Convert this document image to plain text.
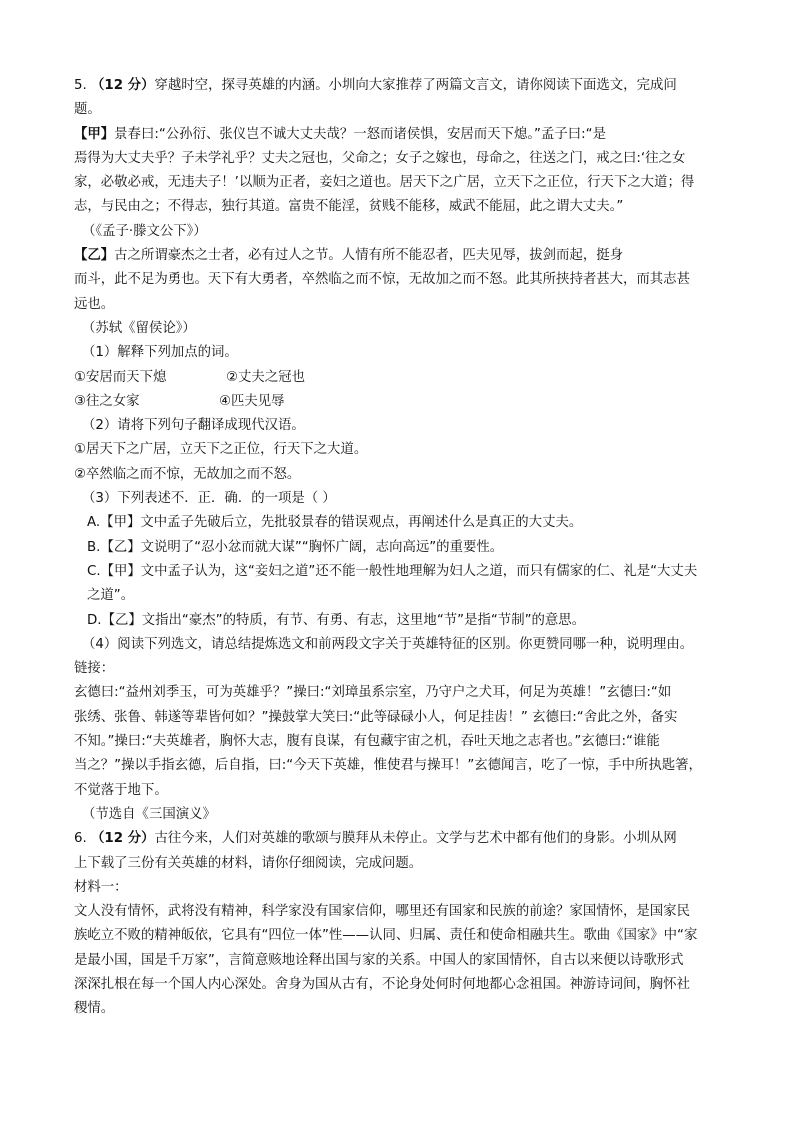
5. （12 分）穿越时空，探寻英雄的内涵。小圳向大家推荐了两篇文言文，请你阅读下面选文，完成问
题。
【甲】景春曰:“公孙衍、张仪岂不诚大丈夫哉？一怒而诸侯惧，安居而天下熄。”孟子曰:“是
焉得为大丈夫乎？子未学礼乎？丈夫之冠也，父命之；女子之嫁也，母命之，往送之门，戒之曰:‘往之女
家，必敬必戒，无违夫子！’以顺为正者，妾妇之道也。居天下之广居，立天下之正位，行天下之大道；得
志，与民由之；不得志，独行其道。富贵不能淫，贫贱不能移，威武不能屈，此之谓大丈夫。”
（《孟子·滕文公下》）
【乙】古之所谓豪杰之士者，必有过人之节。人情有所不能忍者，匹夫见辱，拔剑而起，挺身
而斗，此不足为勇也。天下有大勇者，卒然临之而不惊，无故加之而不怒。此其所挟持者甚大，而其志甚
远也。
（苏轼《留侯论》）
（1）解释下列加点的词。
①安居而天下熄	②丈夫之冠也
③往之女家	④匹夫见辱
（2）请将下列句子翻译成现代汉语。
①居天下之广居，立天下之正位，行天下之大道。
②卒然临之而不惊，无故加之而不怒。
（3）下列表述不．正．确．的一项是（ ）
A.【甲】文中孟子先破后立，先批驳景春的错误观点，再阐述什么是真正的大丈夫。
B.【乙】文说明了“忍小忿而就大谋”“胸怀广阔，志向高远”的重要性。
C.【甲】文中孟子认为，这“妾妇之道”还不能一般性地理解为妇人之道，而只有儒家的仁、礼是“大丈夫
之道”。
D.【乙】文指出“豪杰”的特质，有节、有勇、有志，这里地“节”是指“节制”的意思。
（4）阅读下列选文，请总结提炼选文和前两段文字关于英雄特征的区别。你更赞同哪一种，说明理由。
链接：
玄德曰:“益州刘季玉，可为英雄乎？”操曰:“刘璋虽系宗室，乃守户之犬耳，何足为英雄！”玄德曰:“如
张绣、张鲁、韩遂等辈皆何如？”操鼓掌大笑曰:“此等碌碌小人，何足挂齿！” 玄德曰:“舍此之外，备实
不知。”操曰:“夫英雄者，胸怀大志，腹有良谋，有包藏宇宙之机，吞吐天地之志者也。”玄德曰:“谁能
当之？”操以手指玄德，后自指，曰:“今天下英雄，惟使君与操耳！”玄德闻言，吃了一惊，手中所执匙箸，
不觉落于地下。
（节选自《三国演义》
6. （12 分）古往今来，人们对英雄的歌颂与膜拜从未停止。文学与艺术中都有他们的身影。小圳从网
上下载了三份有关英雄的材料，请你仔细阅读，完成问题。
材料一：
文人没有情怀，武将没有精神，科学家没有国家信仰，哪里还有国家和民族的前途？家国情怀，是国家民
族屹立不败的精神皈依，它具有“四位一体”性——认同、归属、责任和使命相融共生。歌曲《国家》中“家
是最小国，国是千万家”，言简意赅地诠释出国与家的关系。中国人的家国情怀，自古以来便以诗歌形式
深深扎根在每一个国人内心深处。舍身为国从古有，不论身处何时何地都心念祖国。神游诗词间，胸怀社
稷情。
